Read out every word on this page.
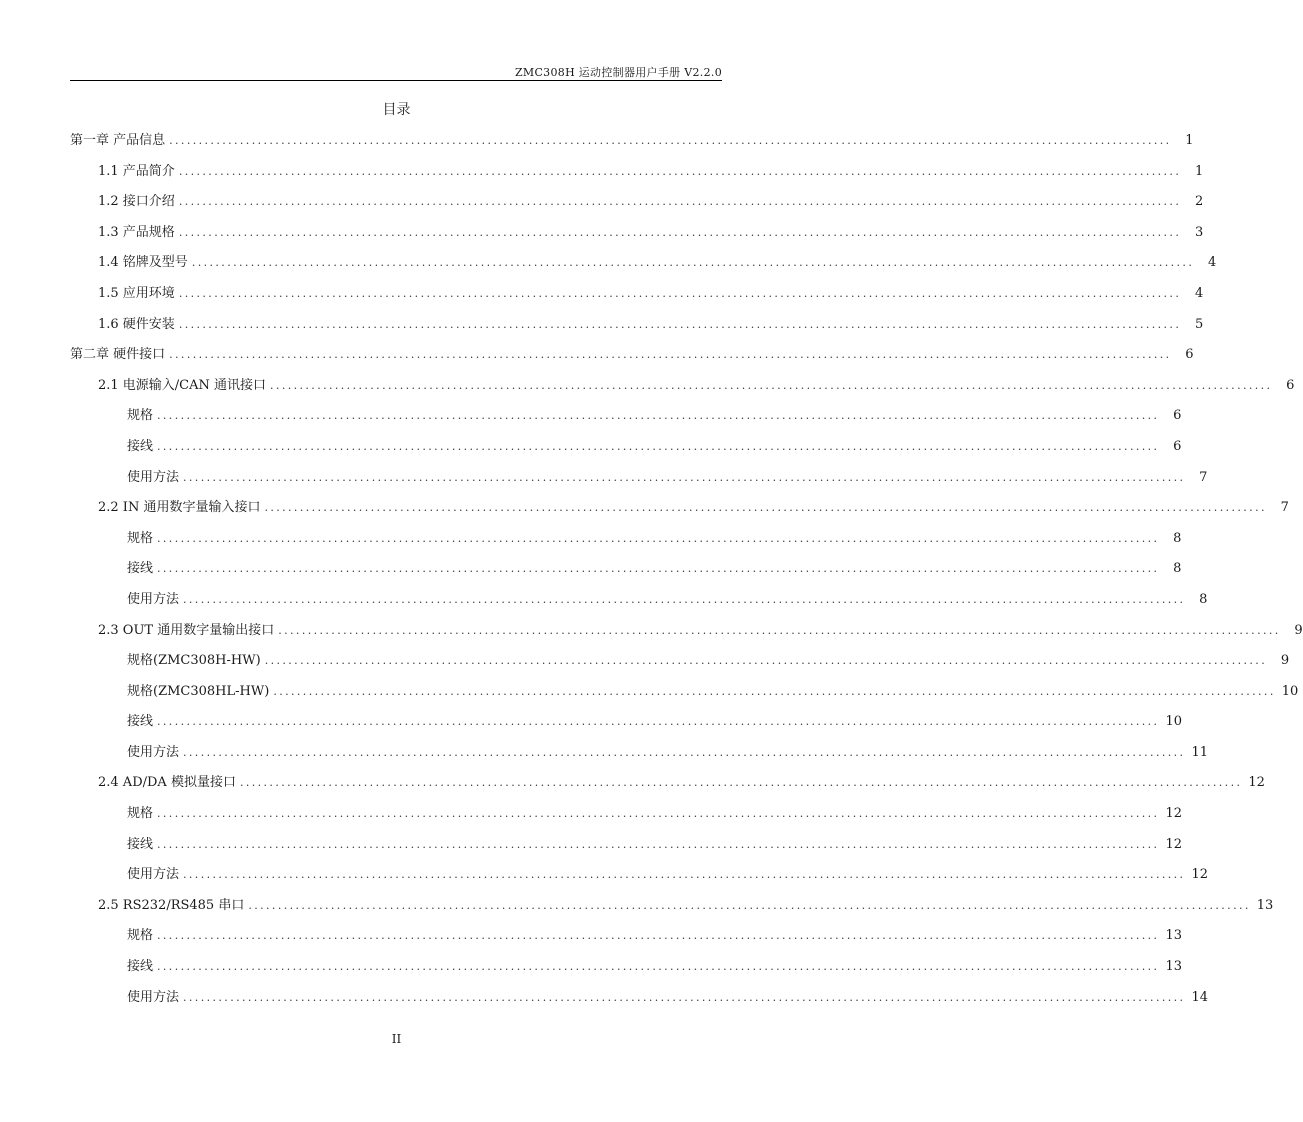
ZMC308H 运动控制器用户手册 V2.2.0
目录
第一章 产品信息 ..........................................................................................................................................................................	1
1.1 产品简介 ..........................................................................................................................................................................	1
1.2 接口介绍 ..........................................................................................................................................................................	2
1.3 产品规格 ..........................................................................................................................................................................	3
1.4 铭牌及型号 ..........................................................................................................................................................................	4
1.5 应用环境 ..........................................................................................................................................................................	4
1.6 硬件安装 ..........................................................................................................................................................................	5
第二章 硬件接口 ..........................................................................................................................................................................	6
2.1 电源输入/CAN 通讯接口 ..........................................................................................................................................................................	6
规格 ..........................................................................................................................................................................	6
接线 ..........................................................................................................................................................................	6
使用方法 ..........................................................................................................................................................................	7
2.2 IN 通用数字量输入接口 ..........................................................................................................................................................................	7
规格 ..........................................................................................................................................................................	8
接线 ..........................................................................................................................................................................	8
使用方法 ..........................................................................................................................................................................	8
2.3 OUT 通用数字量输出接口 ..........................................................................................................................................................................	9
规格(ZMC308H-HW) ..........................................................................................................................................................................	9
规格(ZMC308HL-HW) .......................................................................................................................................................................... 10
接线 .......................................................................................................................................................................... 10
使用方法 .......................................................................................................................................................................... 11
2.4 AD/DA 模拟量接口 .......................................................................................................................................................................... 12
规格 .......................................................................................................................................................................... 12
接线 .......................................................................................................................................................................... 12
使用方法 .......................................................................................................................................................................... 12
2.5 RS232/RS485 串口 .......................................................................................................................................................................... 13
规格 .......................................................................................................................................................................... 13
接线 .......................................................................................................................................................................... 13
使用方法 .......................................................................................................................................................................... 14
II
